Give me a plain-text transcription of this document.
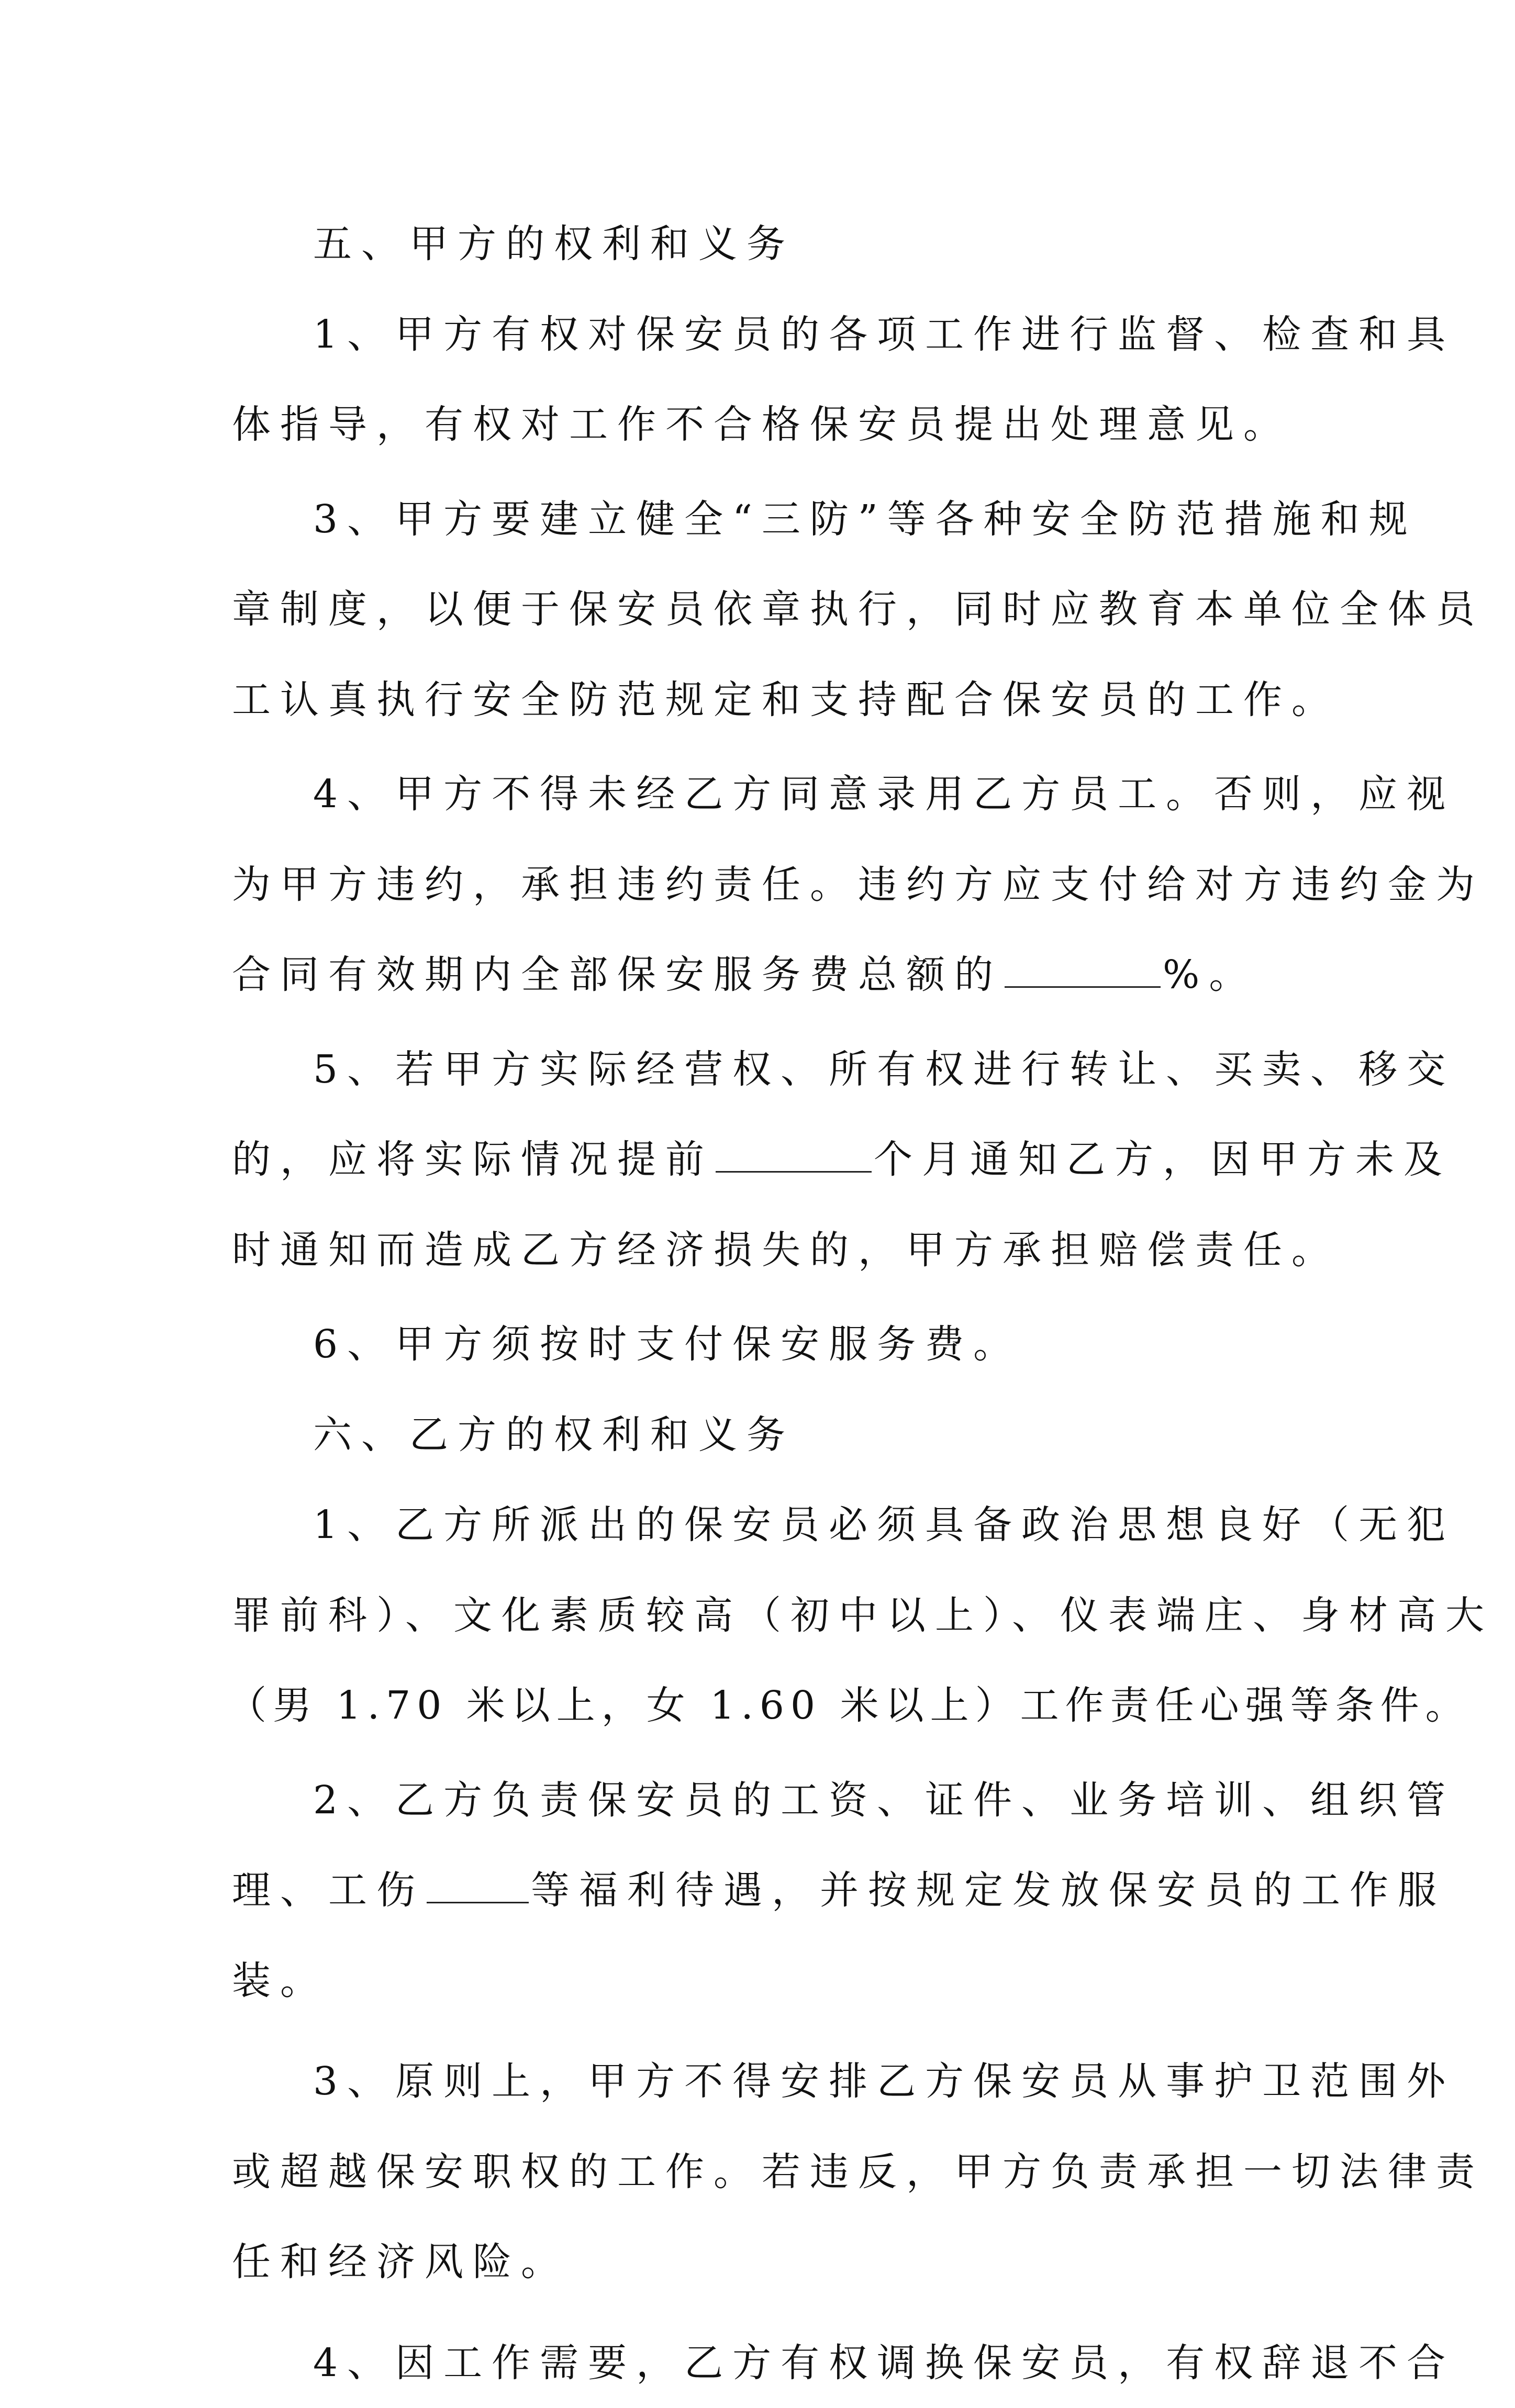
五、甲方的权利和义务
1、甲方有权对保安员的各项工作进行监督、检查和具
体指导，有权对工作不合格保安员提出处理意见。
3、甲方要建立健全“三防”等各种安全防范措施和规
章制度，以便于保安员依章执行，同时应教育本单位全体员
工认真执行安全防范规定和支持配合保安员的工作。
4、甲方不得未经乙方同意录用乙方员工。否则，应视
为甲方违约，承担违约责任。违约方应支付给对方违约金为
合同有效期内全部保安服务费总额的	%。
5、若甲方实际经营权、所有权进行转让、买卖、移交
的，应将实际情况提前	个月通知乙方，因甲方未及
时通知而造成乙方经济损失的，甲方承担赔偿责任。
6、甲方须按时支付保安服务费。
六、乙方的权利和义务
1、乙方所派出的保安员必须具备政治思想良好（无犯
罪前科）、文化素质较高（初中以上）、仪表端庄、身材高大
（男 1.70 米以上，女 1.60 米以上）工作责任心强等条件。
2、乙方负责保安员的工资、证件、业务培训、组织管
理、工伤	等福利待遇，并按规定发放保安员的工作服
装。
3、原则上，甲方不得安排乙方保安员从事护卫范围外
或超越保安职权的工作。若违反，甲方负责承担一切法律责
任和经济风险。
4、因工作需要，乙方有权调换保安员，有权辞退不合
